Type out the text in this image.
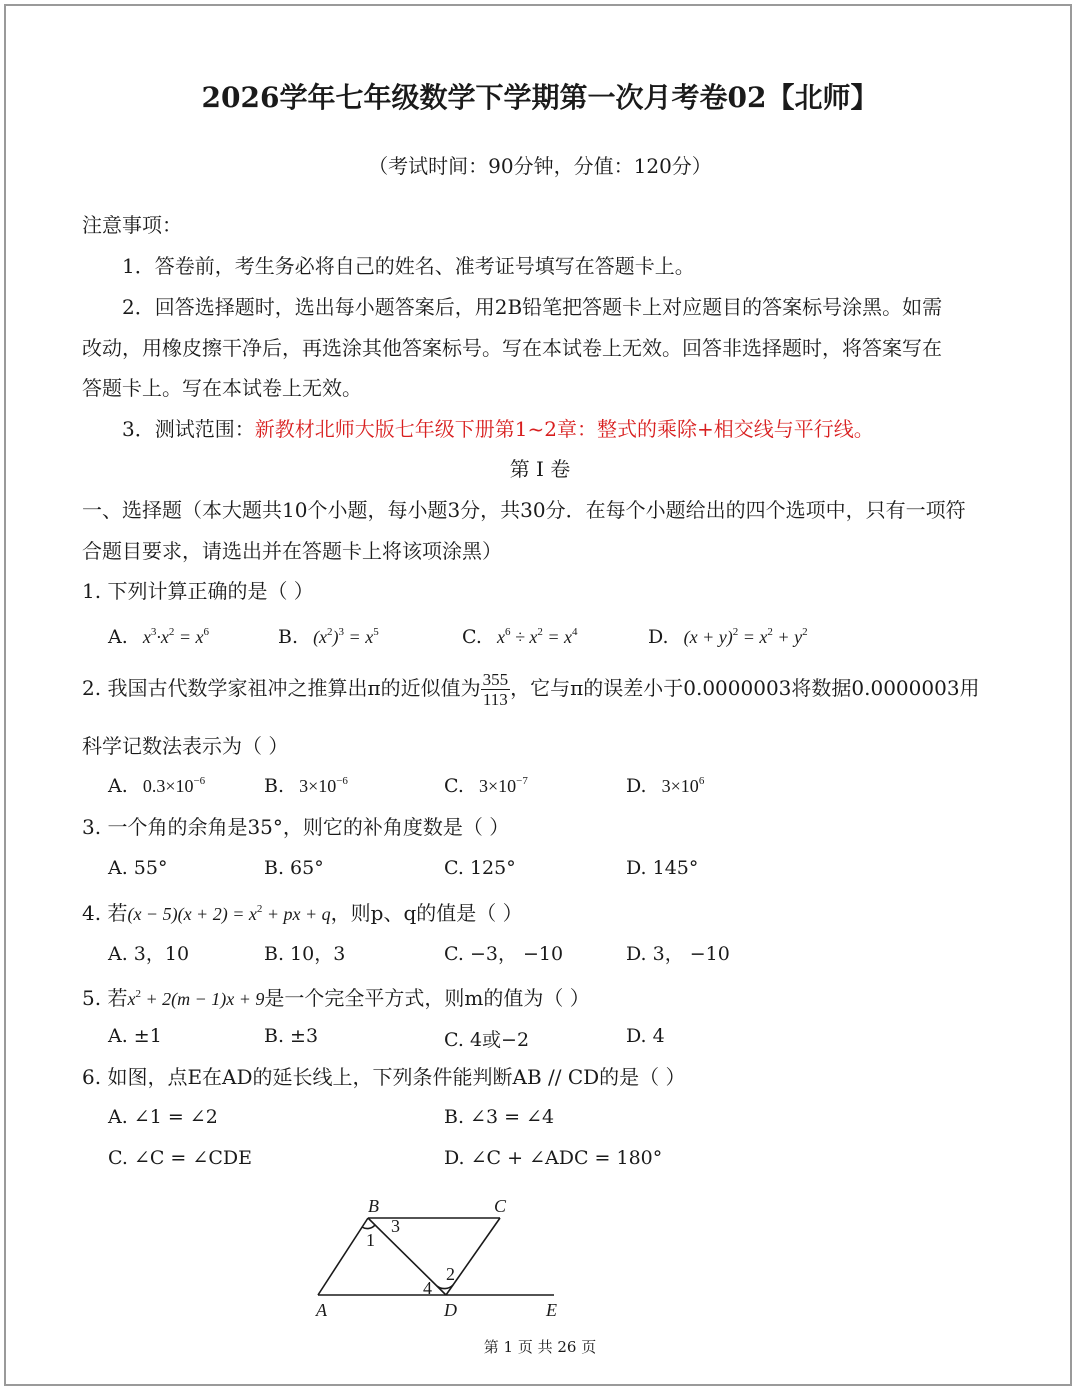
2026学年七年级数学下学期第一次月考卷02【北师】
（考试时间：90分钟，分值：120分）
注意事项：
1．答卷前，考生务必将自己的姓名、准考证号填写在答题卡上。
2．回答选择题时，选出每小题答案后，用2B铅笔把答题卡上对应题目的答案标号涂黑。如需
改动，用橡皮擦干净后，再选涂其他答案标号。写在本试卷上无效。回答非选择题时，将答案写在
答题卡上。写在本试卷上无效。
3．测试范围：新教材北师大版七年级下册第1~2章：整式的乘除+相交线与平行线。
第 I 卷
一、选择题（本大题共10个小题，每小题3分，共30分．在每个小题给出的四个选项中，只有一项符
合题目要求，请选出并在答题卡上将该项涂黑）
1. 下列计算正确的是（ ）
A.   $x^3\cdot x^2 = x^6$	B.   $(x^2)^3 = x^5$	C.   $x^6 \div x^2 = x^4$	D.   $(x + y)^2 = x^2 + y^2$
2. 我国古代数学家祖冲之推算出π的近似值为 $\frac{355}{113}$ ，它与π的误差小于0.0000003将数据0.0000003用
科学记数法表示为（ ）
A.   $0.3\times 10^{-6}$	B.   $3\times 10^{-6}$	C.   $3\times 10^{-7}$	D.   $3\times 10^6$
3. 一个角的余角是35°，则它的补角度数是（ ）
A. 55°	B. 65°	C. 125°	D. 145°
4. 若$(x - 5)(x + 2) = x^2$ + px + q，则p、q的值是（ ）
A. 3，10	B. 10，3	C. −3， −10	D. 3， −10
5. 若$x^2 + 2(m - 1)x + 9$是一个完全平方式，则m的值为（ ）
A. ±1	B. ±3	C. 4或−2	D. 4
6. 如图，点E在AD的延长线上，下列条件能判断AB // CD的是（ ）
A. ∠1 = ∠2	B. ∠3 = ∠4
C. ∠C = ∠CDE	D. ∠C + ∠ADC = 180°
B	C
A	D	E
1
3
2
4
第 1 页 共 26 页
